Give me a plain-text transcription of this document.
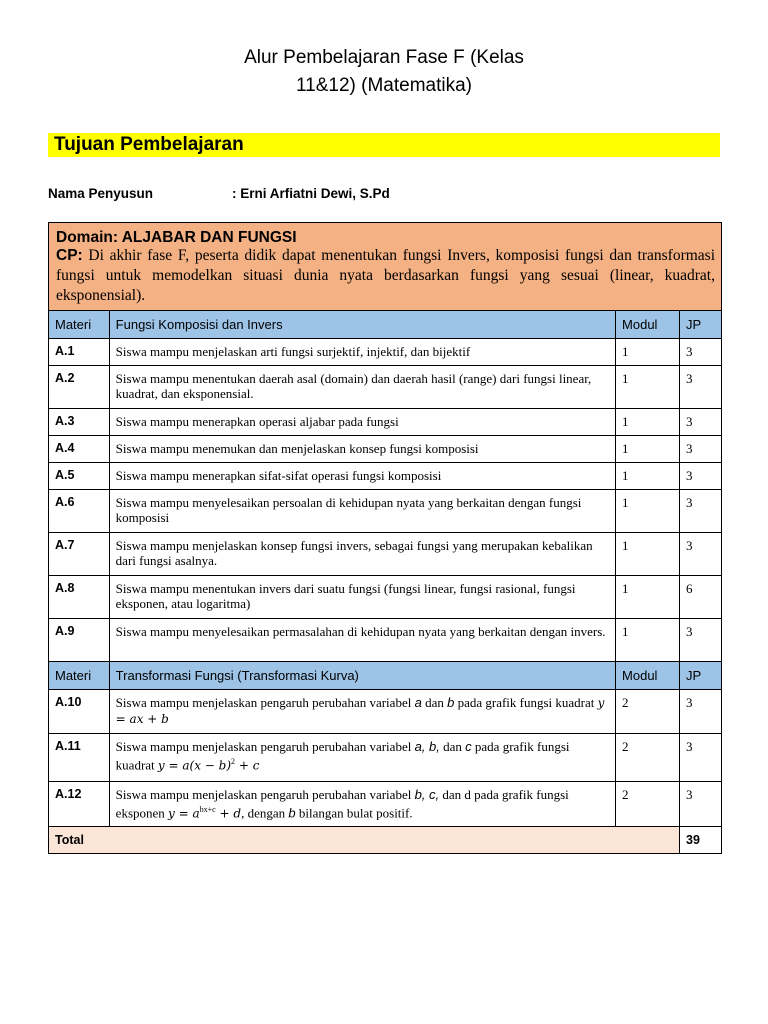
Alur Pembelajaran Fase F (Kelas
11&12) (Matematika)
Tujuan Pembelajaran
Nama Penyusun	: Erni Arfiatni Dewi, S.Pd
Domain: ALJABAR DAN FUNGSI
CP: Di akhir fase F, peserta didik dapat menentukan fungsi Invers, komposisi fungsi dan transformasi fungsi untuk memodelkan situasi dunia nyata berdasarkan fungsi yang sesuai (linear, kuadrat, eksponensial).			

Materi	Fungsi Komposisi dan Invers	Modul	JP
A.1	Siswa mampu menjelaskan arti fungsi surjektif, injektif, dan bijektif	1	3
A.2	Siswa mampu menentukan daerah asal (domain) dan daerah hasil (range) dari fungsi linear, kuadrat, dan eksponensial.	1	3
A.3	Siswa mampu menerapkan operasi aljabar pada fungsi	1	3
A.4	Siswa mampu menemukan dan menjelaskan konsep fungsi komposisi	1	3
A.5	Siswa mampu menerapkan sifat-sifat operasi fungsi komposisi	1	3
A.6	Siswa mampu menyelesaikan persoalan di kehidupan nyata yang berkaitan dengan fungsi komposisi	1	3
A.7	Siswa mampu menjelaskan konsep fungsi invers, sebagai fungsi yang merupakan kebalikan dari fungsi asalnya.	1	3
A.8	Siswa mampu menentukan invers dari suatu fungsi (fungsi linear, fungsi rasional, fungsi eksponen, atau logaritma)	1	6
A.9	Siswa mampu menyelesaikan permasalahan di kehidupan nyata yang berkaitan dengan invers.	1	3
Materi	Transformasi Fungsi (Transformasi Kurva)	Modul	JP
A.10	Siswa mampu menjelaskan pengaruh perubahan variabel a dan b pada grafik fungsi kuadrat y = ax + b	2	3
A.11	Siswa mampu menjelaskan pengaruh perubahan variabel a, b, dan c pada grafik fungsi kuadrat $y = a(x - b)^2 + c$	2	3
A.12	Siswa mampu menjelaskan pengaruh perubahan variabel b, c, dan d pada grafik fungsi eksponen $y = a^{bx+c} + d$, dengan b bilangan bulat positif.	2	3
Total			39
